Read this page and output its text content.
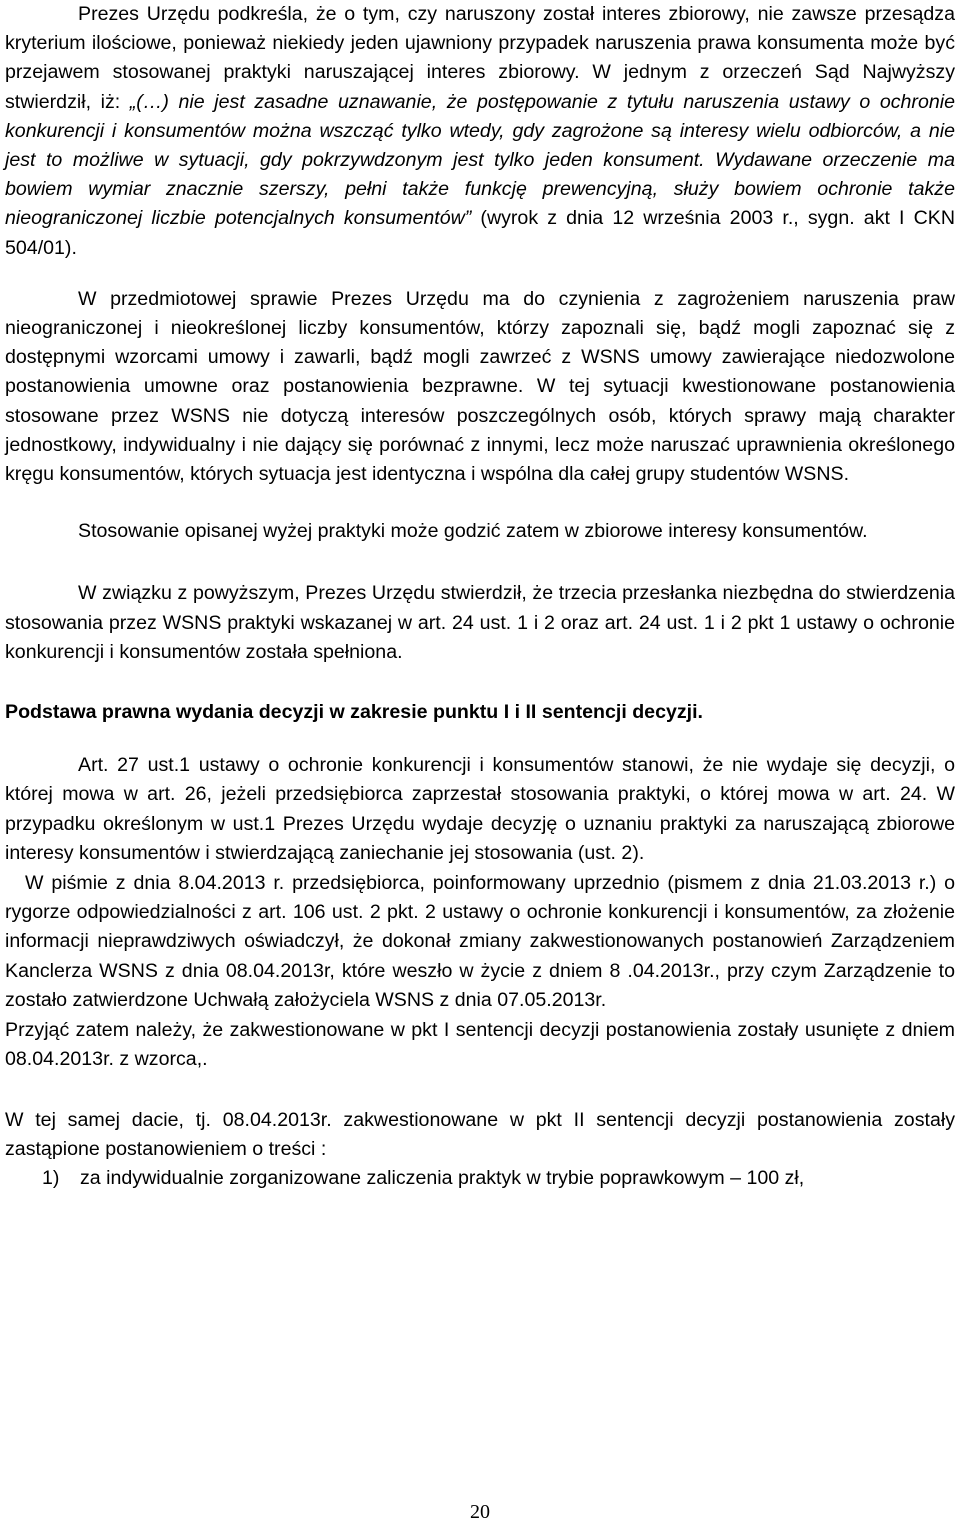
Prezes Urzędu podkreśla, że o tym, czy naruszony został interes zbiorowy, nie zawsze przesądza kryterium ilościowe, ponieważ niekiedy jeden ujawniony przypadek naruszenia prawa konsumenta może być przejawem stosowanej praktyki naruszającej interes zbiorowy. W jednym z orzeczeń Sąd Najwyższy stwierdził, iż: „(…) nie jest zasadne uznawanie, że postępowanie z tytułu naruszenia ustawy o ochronie konkurencji i konsumentów można wszcząć tylko wtedy, gdy zagrożone są interesy wielu odbiorców, a nie jest to możliwe w sytuacji, gdy pokrzywdzonym jest tylko jeden konsument. Wydawane orzeczenie ma bowiem wymiar znacznie szerszy, pełni także funkcję prewencyjną, służy bowiem ochronie także nieograniczonej liczbie potencjalnych konsumentów” (wyrok z dnia 12 września 2003 r., sygn. akt I CKN 504/01).

W przedmiotowej sprawie Prezes Urzędu ma do czynienia z zagrożeniem naruszenia praw nieograniczonej i nieokreślonej liczby konsumentów, którzy zapoznali się, bądź mogli zapoznać się z dostępnymi wzorcami umowy i zawarli, bądź mogli zawrzeć z WSNS umowy zawierające niedozwolone postanowienia umowne oraz postanowienia bezprawne. W tej sytuacji kwestionowane postanowienia stosowane przez WSNS nie dotyczą interesów poszczególnych osób, których sprawy mają charakter jednostkowy, indywidualny i nie dający się porównać z innymi, lecz może naruszać uprawnienia określonego kręgu konsumentów, których sytuacja jest identyczna i wspólna dla całej grupy studentów WSNS.

Stosowanie opisanej wyżej praktyki może godzić zatem w zbiorowe interesy konsumentów.

W związku z powyższym, Prezes Urzędu stwierdził, że trzecia przesłanka niezbędna do stwierdzenia stosowania przez WSNS praktyki wskazanej w art. 24 ust. 1 i 2 oraz art. 24 ust. 1 i 2 pkt 1 ustawy o ochronie konkurencji i konsumentów została spełniona.

Podstawa prawna wydania decyzji w zakresie punktu I i II sentencji decyzji.

Art. 27 ust.1 ustawy o ochronie konkurencji i konsumentów stanowi, że nie wydaje się decyzji, o której mowa w art. 26, jeżeli przedsiębiorca zaprzestał stosowania praktyki, o której mowa w art. 24. W przypadku określonym w ust.1 Prezes Urzędu wydaje decyzję o uznaniu praktyki za naruszającą zbiorowe interesy konsumentów i stwierdzającą zaniechanie jej stosowania (ust. 2).

W piśmie z dnia 8.04.2013 r. przedsiębiorca, poinformowany uprzednio (pismem z dnia 21.03.2013 r.) o rygorze odpowiedzialności z art. 106 ust. 2 pkt. 2 ustawy o ochronie konkurencji i konsumentów, za złożenie informacji nieprawdziwych oświadczył, że dokonał zmiany zakwestionowanych postanowień Zarządzeniem Kanclerza WSNS z dnia 08.04.2013r, które weszło w życie z dniem 8 .04.2013r., przy czym Zarządzenie to zostało zatwierdzone Uchwałą założyciela WSNS z dnia 07.05.2013r.

Przyjąć zatem należy, że zakwestionowane w pkt I sentencji decyzji postanowienia zostały usunięte z dniem 08.04.2013r. z wzorca,.

W tej samej dacie, tj. 08.04.2013r. zakwestionowane w pkt II sentencji decyzji postanowienia zostały zastąpione postanowieniem o treści :

1) za indywidualnie zorganizowane zaliczenia praktyk w trybie poprawkowym – 100 zł,
20
